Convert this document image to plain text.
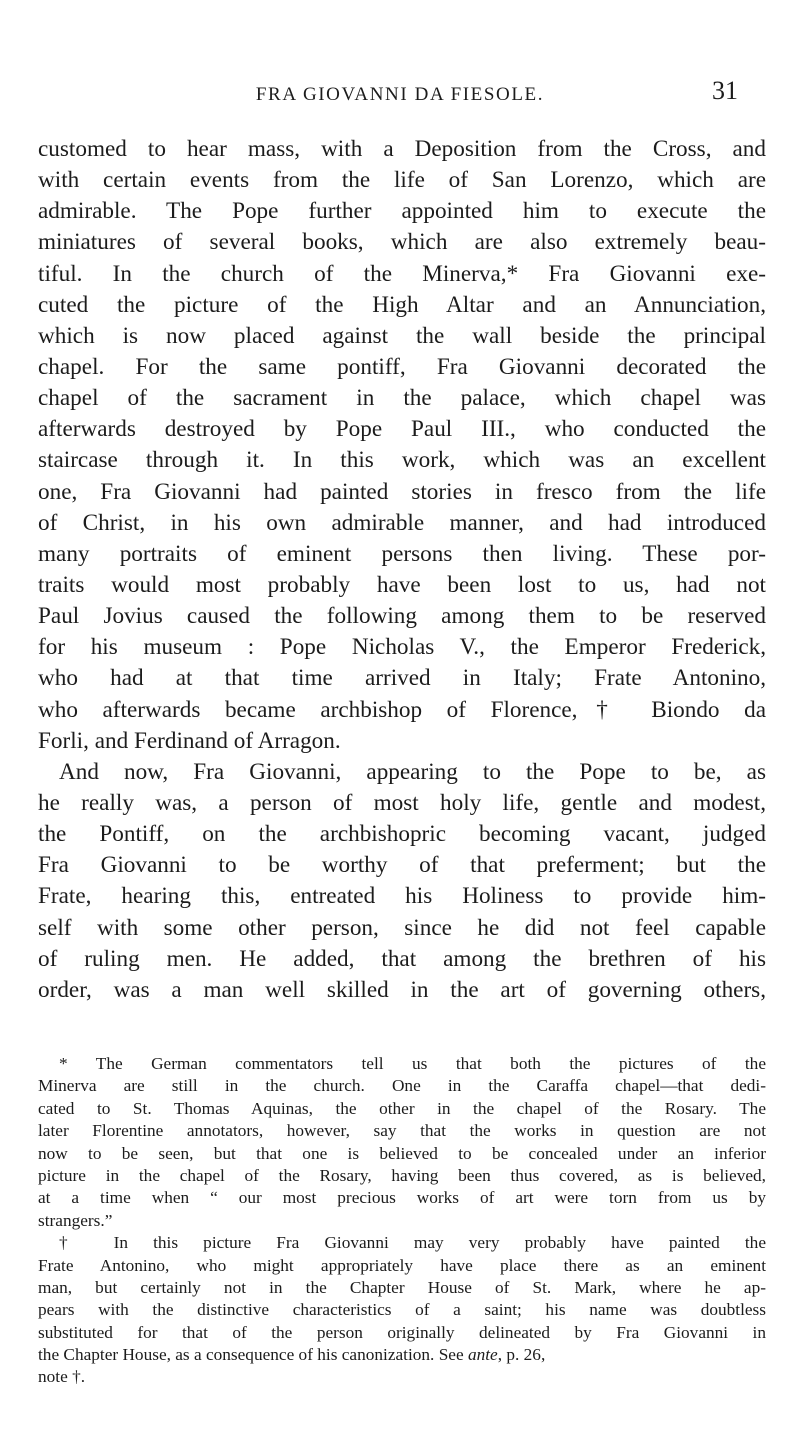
FRA GIOVANNI DA FIESOLE.	31
customed to hear mass, with a Deposition from the Cross, and
with certain events from the life of San Lorenzo, which are
admirable. The Pope further appointed him to execute the
miniatures of several books, which are also extremely beau-
tiful. In the church of the Minerva,* Fra Giovanni exe-
cuted the picture of the High Altar and an Annunciation,
which is now placed against the wall beside the principal
chapel. For the same pontiff, Fra Giovanni decorated the
chapel of the sacrament in the palace, which chapel was
afterwards destroyed by Pope Paul III., who conducted the
staircase through it. In this work, which was an excellent
one, Fra Giovanni had painted stories in fresco from the life
of Christ, in his own admirable manner, and had introduced
many portraits of eminent persons then living. These por-
traits would most probably have been lost to us, had not
Paul Jovius caused the following among them to be reserved
for his museum : Pope Nicholas V., the Emperor Frederick,
who had at that time arrived in Italy; Frate Antonino,
who afterwards became archbishop of Florence,† Biondo da
Forli, and Ferdinand of Arragon.
And now, Fra Giovanni, appearing to the Pope to be, as
he really was, a person of most holy life, gentle and modest,
the Pontiff, on the archbishopric becoming vacant, judged
Fra Giovanni to be worthy of that preferment; but the
Frate, hearing this, entreated his Holiness to provide him-
self with some other person, since he did not feel capable
of ruling men. He added, that among the brethren of his
order, was a man well skilled in the art of governing others,
* The German commentators tell us that both the pictures of the
Minerva are still in the church. One in the Caraffa chapel—that dedi-
cated to St. Thomas Aquinas, the other in the chapel of the Rosary. The
later Florentine annotators, however, say that the works in question are not
now to be seen, but that one is believed to be concealed under an inferior
picture in the chapel of the Rosary, having been thus covered, as is believed,
at a time when “ our most precious works of art were torn from us by
strangers.”
† In this picture Fra Giovanni may very probably have painted the
Frate Antonino, who might appropriately have place there as an eminent
man, but certainly not in the Chapter House of St. Mark, where he ap-
pears with the distinctive characteristics of a saint; his name was doubtless
substituted for that of the person originally delineated by Fra Giovanni in
the Chapter House, as a consequence of his canonization. See ante, p. 26,
note †.
